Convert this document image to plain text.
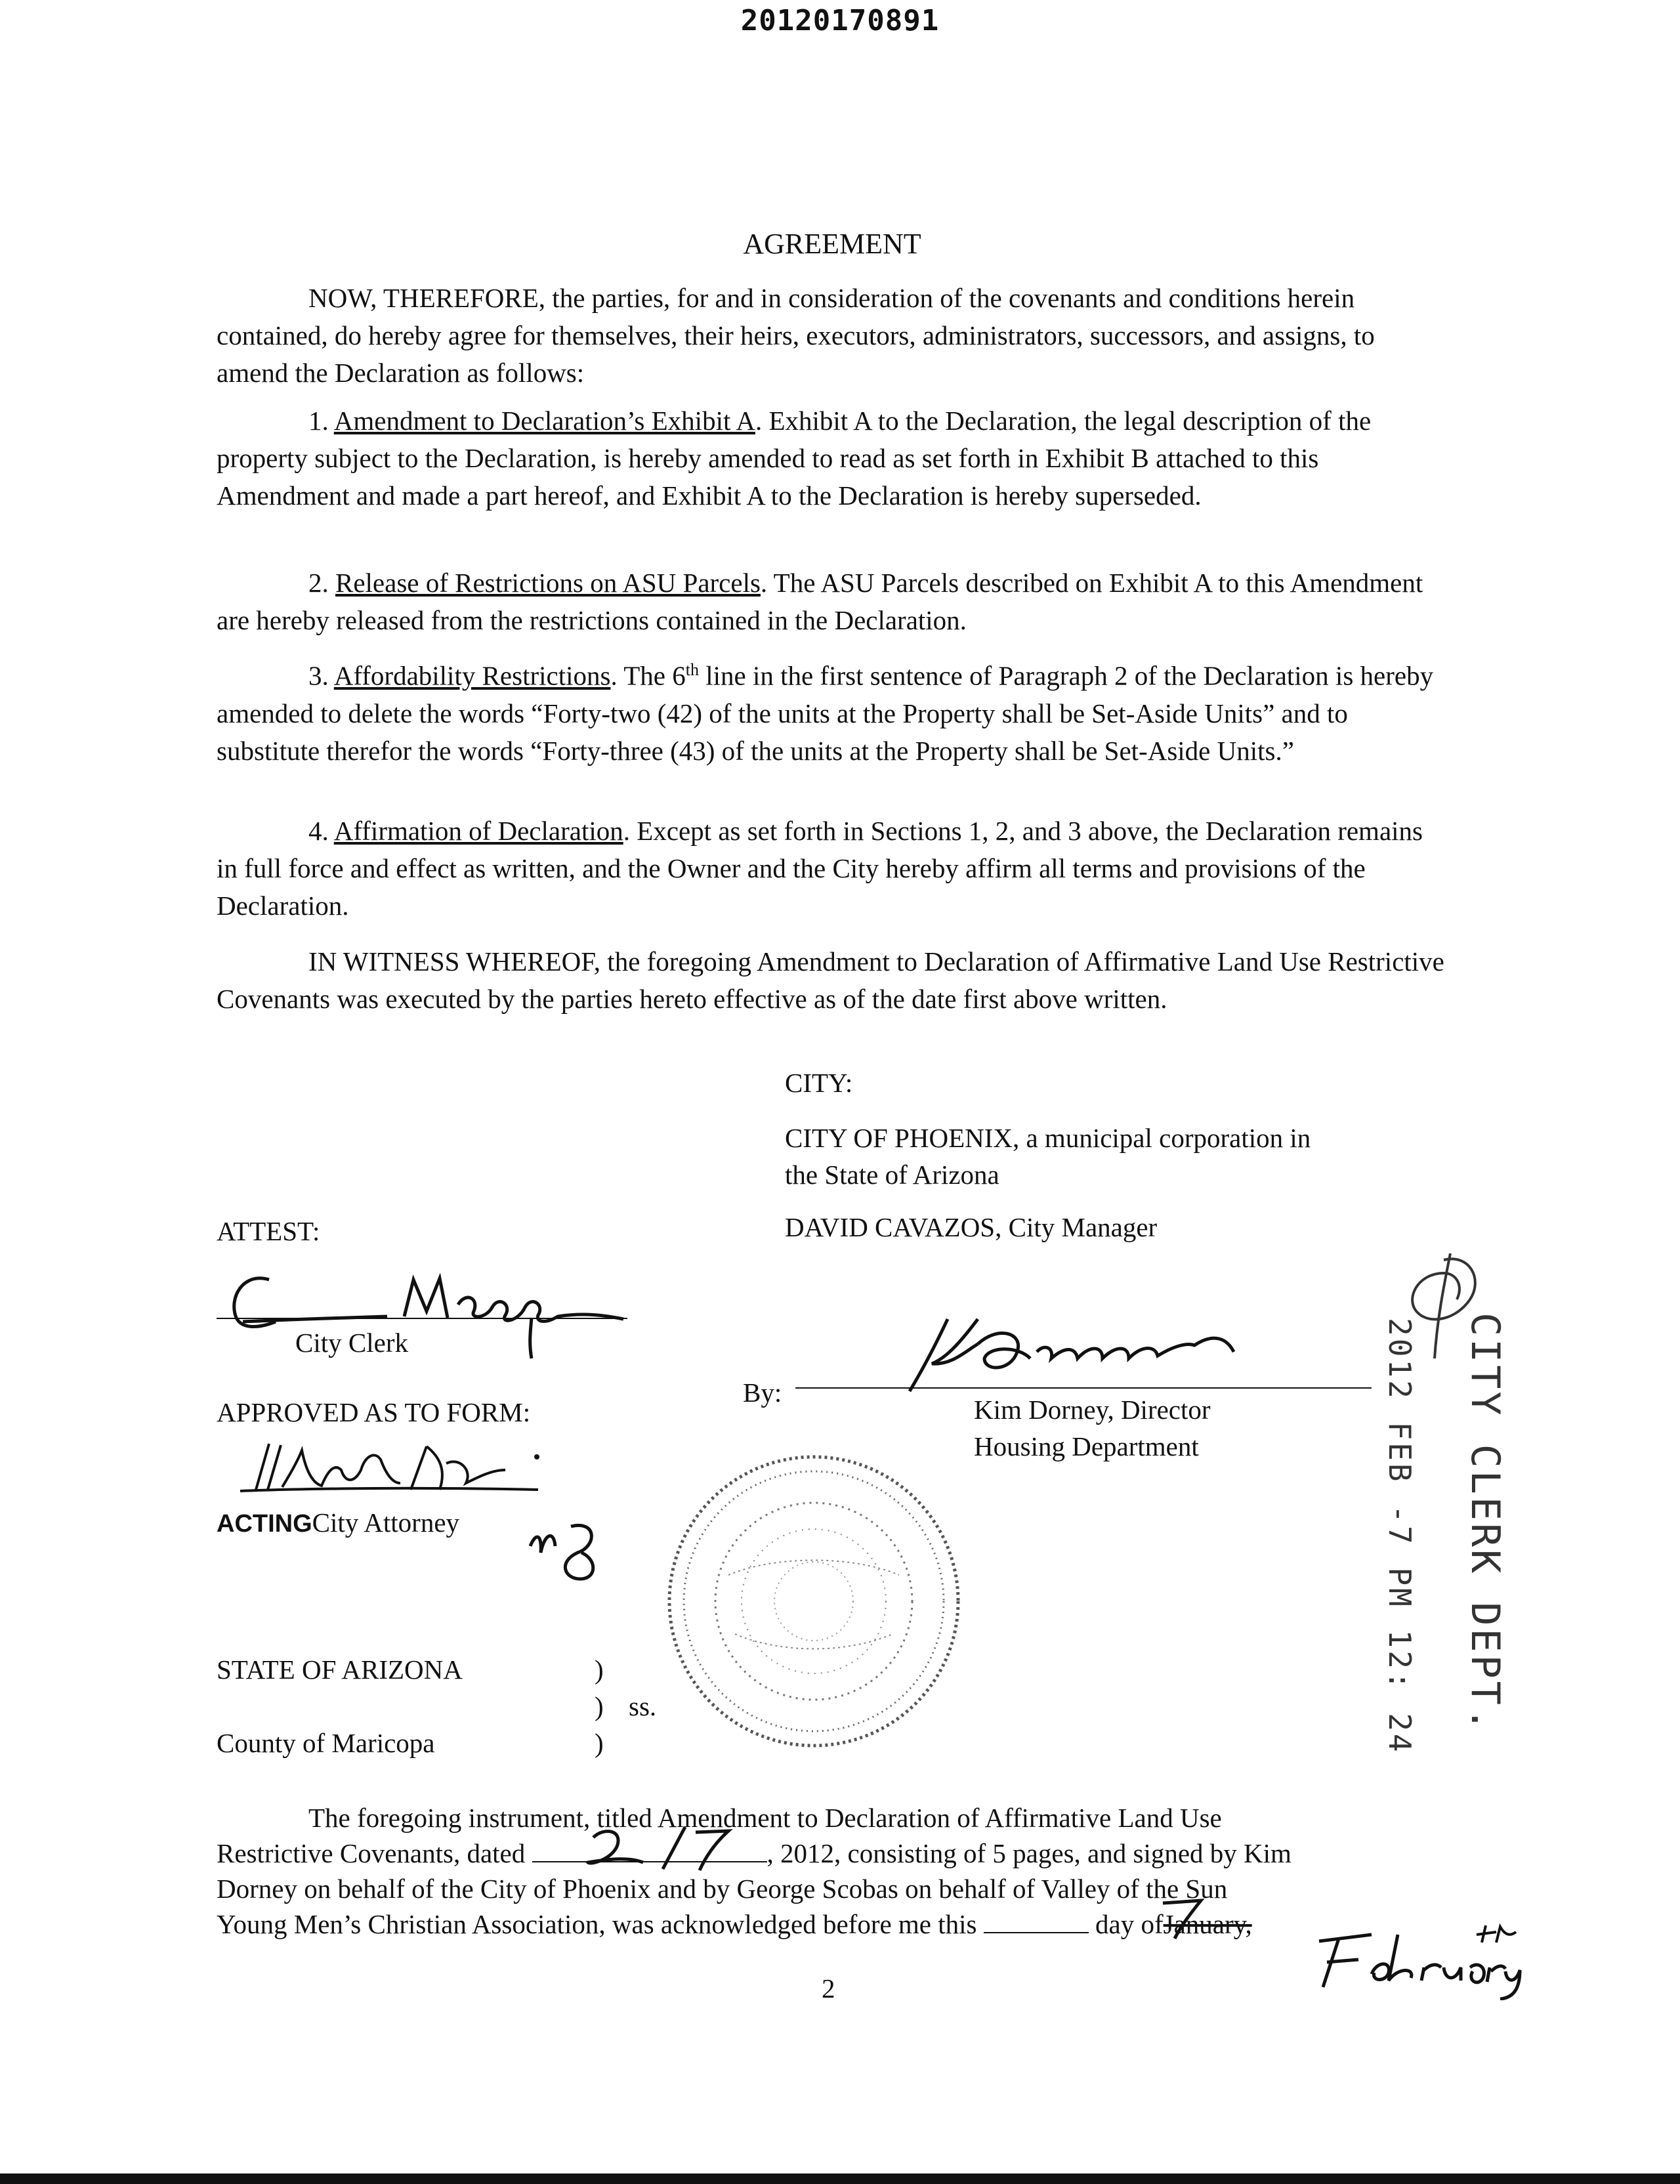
20120170891
AGREEMENT
NOW, THEREFORE, the parties, for and in consideration of the covenants and conditions herein contained, do hereby agree for themselves, their heirs, executors, administrators, successors, and assigns, to amend the Declaration as follows:
1. Amendment to Declaration’s Exhibit A. Exhibit A to the Declaration, the legal description of the property subject to the Declaration, is hereby amended to read as set forth in Exhibit B attached to this Amendment and made a part hereof, and Exhibit A to the Declaration is hereby superseded.
2. Release of Restrictions on ASU Parcels. The ASU Parcels described on Exhibit A to this Amendment are hereby released from the restrictions contained in the Declaration.
3. Affordability Restrictions. The 6th line in the first sentence of Paragraph 2 of the Declaration is hereby amended to delete the words “Forty-two (42) of the units at the Property shall be Set-Aside Units” and to substitute therefor the words “Forty-three (43) of the units at the Property shall be Set-Aside Units.”
4. Affirmation of Declaration. Except as set forth in Sections 1, 2, and 3 above, the Declaration remains in full force and effect as written, and the Owner and the City hereby affirm all terms and provisions of the Declaration.
IN WITNESS WHEREOF, the foregoing Amendment to Declaration of Affirmative Land Use Restrictive Covenants was executed by the parties hereto effective as of the date first above written.
CITY:
CITY OF PHOENIX, a municipal corporation in
the State of Arizona
DAVID CAVAZOS, City Manager
ATTEST:
City Clerk
By:
Kim Dorney, Director
Housing Department
APPROVED AS TO FORM:
ACTINGCity Attorney
STATE OF ARIZONA	)
) ss.
County of Maricopa	)
The foregoing instrument, titled Amendment to Declaration of Affirmative Land Use
Restrictive Covenants, dated	, 2012, consisting of 5 pages, and signed by Kim
Dorney on behalf of the City of Phoenix and by George Scobas on behalf of Valley of the Sun
Young Men’s Christian Association, was acknowledged before me this	day ofJanuary,
CITY CLERK DEPT.
2012 FEB -7 PM 12: 24
2
